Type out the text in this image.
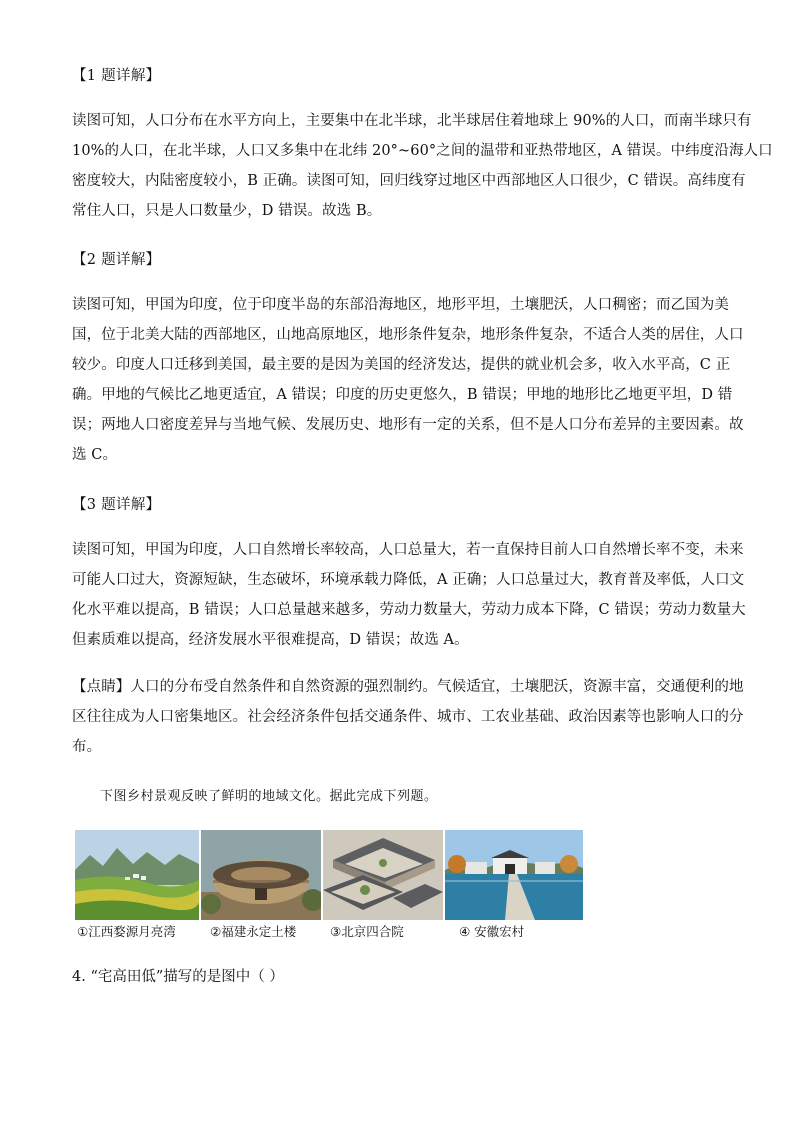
【1 题详解】
读图可知，人口分布在水平方向上，主要集中在北半球，北半球居住着地球上 90%的人口，而南半球只有
10%的人口，在北半球，人口又多集中在北纬 20°~60°之间的温带和亚热带地区，A 错误。中纬度沿海人口
密度较大，内陆密度较小，B 正确。读图可知，回归线穿过地区中西部地区人口很少，C 错误。高纬度有
常住人口，只是人口数量少，D 错误。故选 B。
【2 题详解】
读图可知，甲国为印度，位于印度半岛的东部沿海地区，地形平坦，土壤肥沃，人口稠密；而乙国为美
国，位于北美大陆的西部地区，山地高原地区，地形条件复杂，地形条件复杂，不适合人类的居住，人口
较少。印度人口迁移到美国，最主要的是因为美国的经济发达，提供的就业机会多，收入水平高，C 正
确。甲地的气候比乙地更适宜，A 错误；印度的历史更悠久，B 错误；甲地的地形比乙地更平坦，D 错
误；两地人口密度差异与当地气候、发展历史、地形有一定的关系，但不是人口分布差异的主要因素。故
选 C。
【3 题详解】
读图可知，甲国为印度，人口自然增长率较高，人口总量大，若一直保持目前人口自然增长率不变，未来
可能人口过大，资源短缺，生态破坏，环境承载力降低，A 正确；人口总量过大，教育普及率低，人口文
化水平难以提高，B 错误；人口总量越来越多，劳动力数量大，劳动力成本下降，C 错误；劳动力数量大
但素质难以提高，经济发展水平很难提高，D 错误；故选 A。
【点睛】人口的分布受自然条件和自然资源的强烈制约。气候适宜，土壤肥沃，资源丰富，交通便利的地
区往往成为人口密集地区。社会经济条件包括交通条件、城市、工农业基础、政治因素等也影响人口的分
布。
下图乡村景观反映了鲜明的地域文化。据此完成下列题。
①江西婺源月亮湾	②福建永定土楼	③北京四合院	④ 安徽宏村
4. “宅高田低”描写的是图中（ ）
